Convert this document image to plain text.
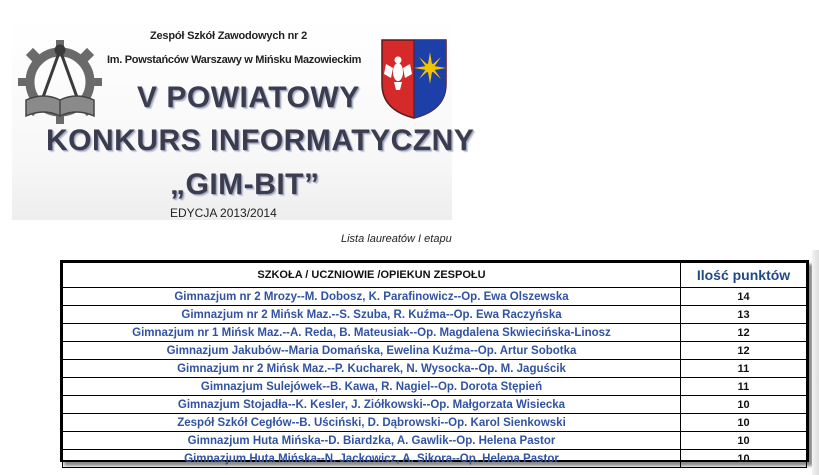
Zespół Szkół Zawodowych nr 2
Im. Powstańców Warszawy w Mińsku Mazowieckim
V POWIATOWY
KONKURS INFORMATYCZNY
„GIM-BIT”
EDYCJA 2013/2014
Lista laureatów I etapu
SZKOŁA / UCZNIOWIE /OPIEKUN ZESPOŁU	Ilość punktów
Gimnazjum nr 2 Mrozy--M. Dobosz, K. Parafinowicz--Op. Ewa Olszewska	14
Gimnazjum nr 2 Mińsk Maz.--S. Szuba, R. Kuźma--Op. Ewa Raczyńska	13
Gimnazjum nr 1 Mińsk Maz.--A. Reda, B. Mateusiak--Op. Magdalena Skwiecińska-Linosz	12
Gimnazjum Jakubów--Maria Domańska, Ewelina Kuźma--Op. Artur Sobotka	12
Gimnazjum nr 2 Mińsk Maz.--P. Kucharek, N. Wysocka--Op. M. Jaguścik	11
Gimnazjum Sulejówek--B. Kawa, R. Nagiel--Op. Dorota Stępień	11
Gimnazjum Stojadła--K. Kesler, J. Ziółkowski--Op. Małgorzata Wisiecka	10
Zespół Szkół Cegłów--B. Uściński, D. Dąbrowski--Op. Karol Sienkowski	10
Gimnazjum Huta Mińska--D. Biardzka, A. Gawlik--Op. Helena Pastor	10
Gimnazjum Huta Mińska--N. Jackowicz, A. Sikora--Op. Helena Pastor	10
